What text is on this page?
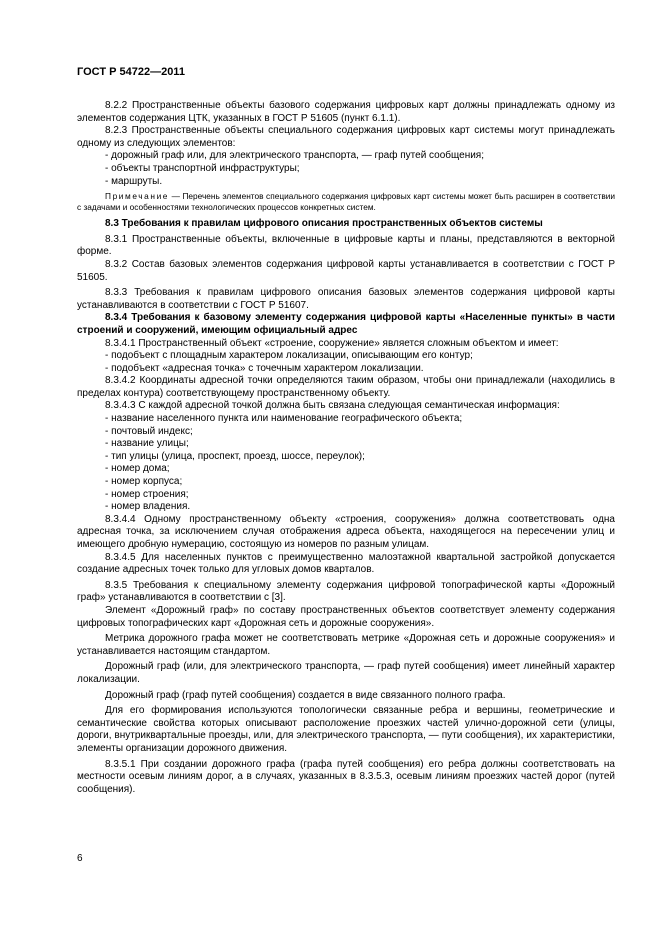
ГОСТ Р 54722—2011

8.2.2 Пространственные объекты базового содержания цифровых карт должны принадлежать одному из элементов содержания ЦТК, указанных в ГОСТ Р 51605 (пункт 6.1.1).

8.2.3 Пространственные объекты специального содержания цифровых карт системы могут принадлежать одному из следующих элементов:

- дорожный граф или, для электрического транспорта, — граф путей сообщения;

- объекты транспортной инфраструктуры;

- маршруты.

Примечание — Перечень элементов специального содержания цифровых карт системы может быть расширен в соответствии с задачами и особенностями технологических процессов конкретных систем.

8.3 Требования к правилам цифрового описания пространственных объектов системы

8.3.1 Пространственные объекты, включенные в цифровые карты и планы, представляются в векторной форме.

8.3.2 Состав базовых элементов содержания цифровой карты устанавливается в соответствии с ГОСТ Р 51605.

8.3.3 Требования к правилам цифрового описания базовых элементов содержания цифровой карты устанавливаются в соответствии с ГОСТ Р 51607.

8.3.4 Требования к базовому элементу содержания цифровой карты «Населенные пункты» в части строений и сооружений, имеющим официальный адрес

8.3.4.1 Пространственный объект «строение, сооружение» является сложным объектом и имеет:

- подобъект с площадным характером локализации, описывающим его контур;

- подобъект «адресная точка» с точечным характером локализации.

8.3.4.2 Координаты адресной точки определяются таким образом, чтобы они принадлежали (находились в пределах контура) соответствующему пространственному объекту.

8.3.4.3 С каждой адресной точкой должна быть связана следующая семантическая информация:

- название населенного пункта или наименование географического объекта;

- почтовый индекс;

- название улицы;

- тип улицы (улица, проспект, проезд, шоссе, переулок);

- номер дома;

- номер корпуса;

- номер строения;

- номер владения.

8.3.4.4 Одному пространственному объекту «строения, сооружения» должна соответствовать одна адресная точка, за исключением случая отображения адреса объекта, находящегося на пересечении улиц и имеющего дробную нумерацию, состоящую из номеров по разным улицам.

8.3.4.5 Для населенных пунктов с преимущественно малоэтажной квартальной застройкой допускается создание адресных точек только для угловых домов кварталов.

8.3.5 Требования к специальному элементу содержания цифровой топографической карты «Дорожный граф» устанавливаются в соответствии с [3].

Элемент «Дорожный граф» по составу пространственных объектов соответствует элементу содержания цифровых топографических карт «Дорожная сеть и дорожные сооружения».

Метрика дорожного графа может не соответствовать метрике «Дорожная сеть и дорожные сооружения» и устанавливается настоящим стандартом.

Дорожный граф (или, для электрического транспорта, — граф путей сообщения) имеет линейный характер локализации.

Дорожный граф (граф путей сообщения) создается в виде связанного полного графа.

Для его формирования используются топологически связанные ребра и вершины, геометрические и семантические свойства которых описывают расположение проезжих частей улично-дорожной сети (улицы, дороги, внутриквартальные проезды, или, для электрического транспорта, — пути сообщения), их характеристики, элементы организации дорожного движения.

8.3.5.1 При создании дорожного графа (графа путей сообщения) его ребра должны соответствовать на местности осевым линиям дорог, а в случаях, указанных в 8.3.5.3, осевым линиям проезжих частей дорог (путей сообщения).

6
